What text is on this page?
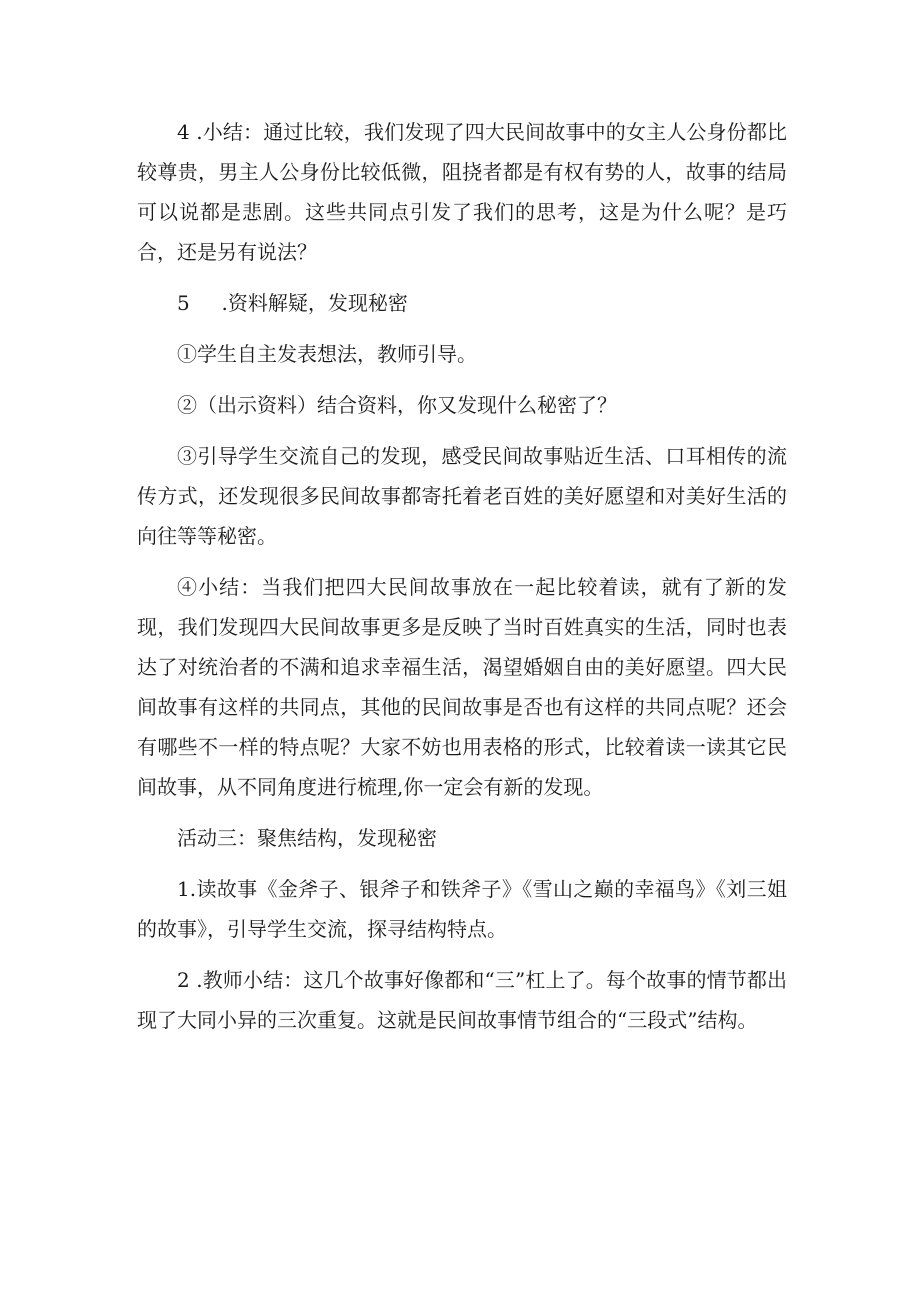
4 .小结：通过比较，我们发现了四大民间故事中的女主人公身份都比较尊贵，男主人公身份比较低微，阻挠者都是有权有势的人，故事的结局可以说都是悲剧。这些共同点引发了我们的思考，这是为什么呢？是巧合，还是另有说法？

5     .资料解疑，发现秘密

①学生自主发表想法，教师引导。

②（出示资料）结合资料，你又发现什么秘密了？

③引导学生交流自己的发现，感受民间故事贴近生活、口耳相传的流传方式，还发现很多民间故事都寄托着老百姓的美好愿望和对美好生活的向往等等秘密。

④小结：当我们把四大民间故事放在一起比较着读，就有了新的发现，我们发现四大民间故事更多是反映了当时百姓真实的生活，同时也表达了对统治者的不满和追求幸福生活，渴望婚姻自由的美好愿望。四大民间故事有这样的共同点，其他的民间故事是否也有这样的共同点呢？还会有哪些不一样的特点呢？大家不妨也用表格的形式，比较着读一读其它民间故事，从不同角度进行梳理,你一定会有新的发现。

活动三：聚焦结构，发现秘密

1.读故事《金斧子、银斧子和铁斧子》《雪山之巅的幸福鸟》《刘三姐的故事》，引导学生交流，探寻结构特点。

2 .教师小结：这几个故事好像都和“三”杠上了。每个故事的情节都出现了大同小异的三次重复。这就是民间故事情节组合的“三段式”结构。
